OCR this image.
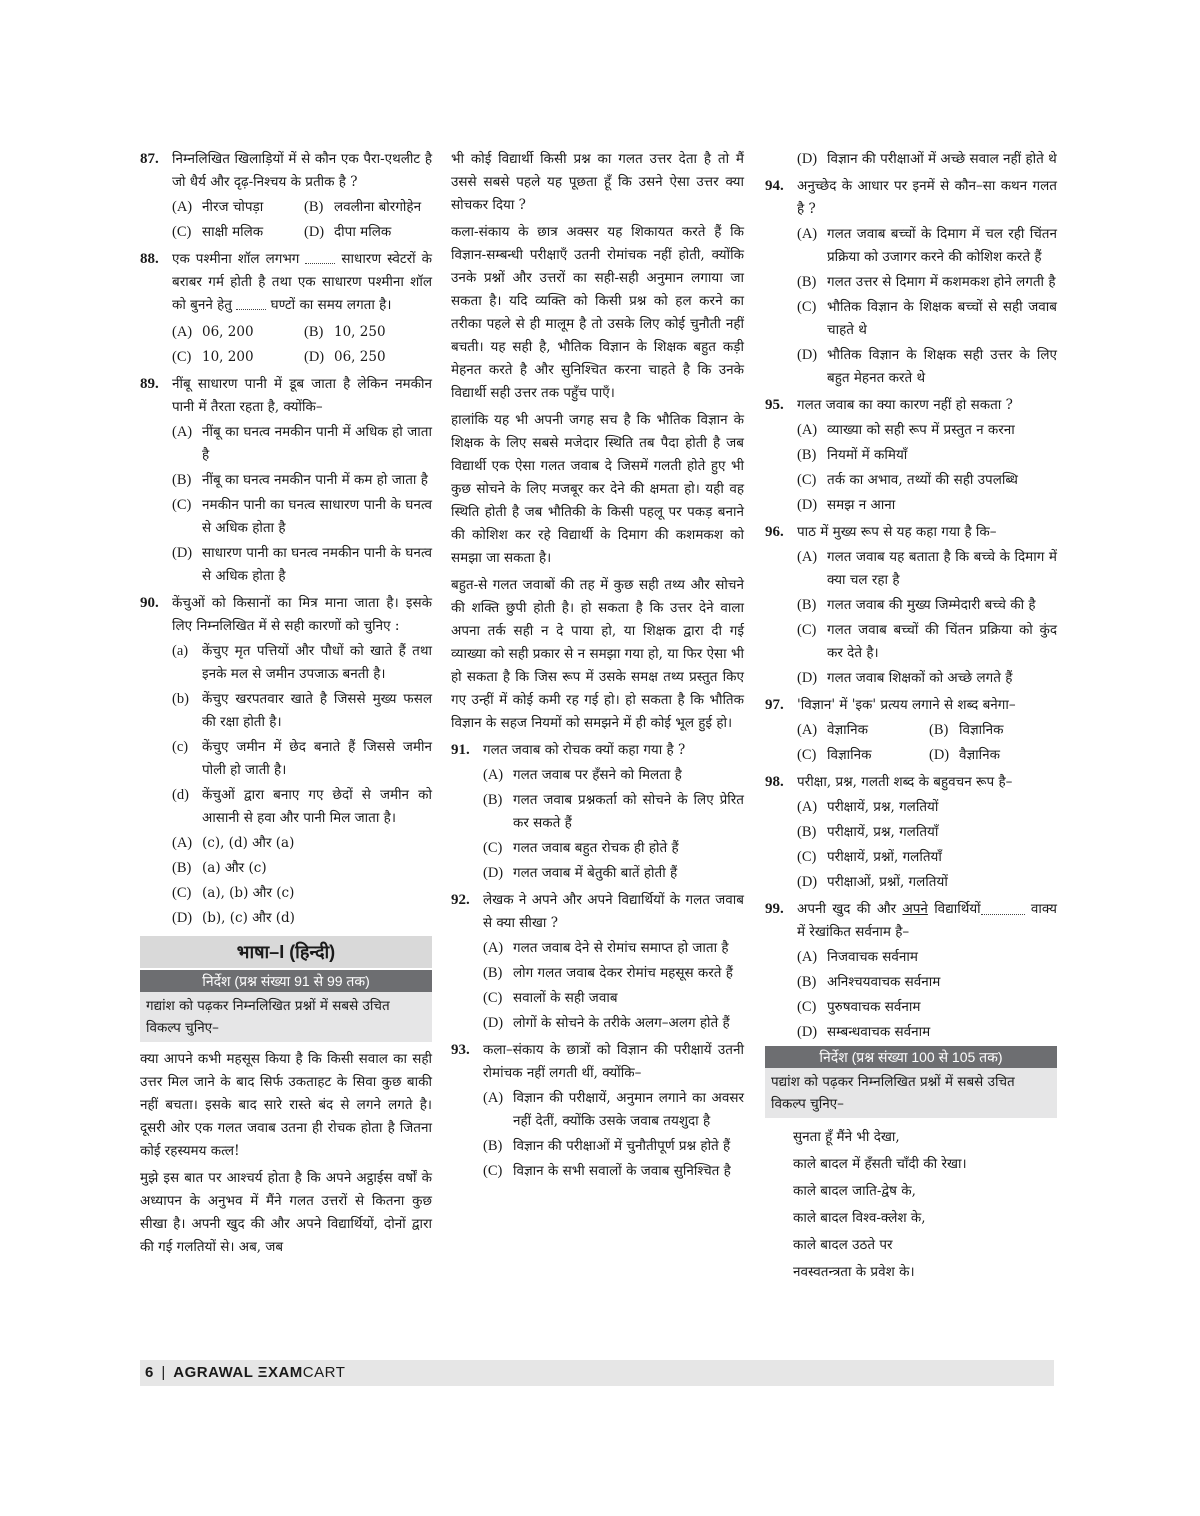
87. निम्नलिखित खिलाड़ियों में से कौन एक पैरा-एथलीट है जो धैर्य और दृढ़-निश्चय के प्रतीक है ?
(A) नीरज चोपड़ा	(B) लवलीना बोरगोहेन
(C) साक्षी मलिक	(D) दीपा मलिक
88. एक पश्मीना शॉल लगभग	साधारण स्वेटरों के बराबर गर्म होती है तथा एक साधारण पश्मीना शॉल को बुनने हेतु	घण्टों का समय लगता है।
(A) 06, 200	(B) 10, 250
(C) 10, 200	(D) 06, 250
89. नींबू साधारण पानी में डूब जाता है लेकिन नमकीन पानी में तैरता रहता है, क्योंकि–
(A) नींबू का घनत्व नमकीन पानी में अधिक हो जाता है
(B) नींबू का घनत्व नमकीन पानी में कम हो जाता है
(C) नमकीन पानी का घनत्व साधारण पानी के घनत्व से अधिक होता है
(D) साधारण पानी का घनत्व नमकीन पानी के घनत्व से अधिक होता है
90. केंचुओं को किसानों का मित्र माना जाता है। इसके लिए निम्नलिखित में से सही कारणों को चुनिए :
(a) केंचुए मृत पत्तियों और पौधों को खाते हैं तथा इनके मल से जमीन उपजाऊ बनती है।
(b) केंचुए खरपतवार खाते है जिससे मुख्य फसल की रक्षा होती है।
(c) केंचुए जमीन में छेद बनाते हैं जिससे जमीन पोली हो जाती है।
(d) केंचुओं द्वारा बनाए गए छेदों से जमीन को आसानी से हवा और पानी मिल जाता है।
(A) (c), (d) और (a)
(B) (a) और (c)
(C) (a), (b) और (c)
(D) (b), (c) और (d)
भाषा–I (हिन्दी)
निर्देश (प्रश्न संख्या 91 से 99 तक)
गद्यांश को पढ़कर निम्नलिखित प्रश्नों में सबसे उचित विकल्प चुनिए–

क्या आपने कभी महसूस किया है कि किसी सवाल का सही उत्तर मिल जाने के बाद सिर्फ उकताहट के सिवा कुछ बाकी नहीं बचता। इसके बाद सारे रास्ते बंद से लगने लगते है। दूसरी ओर एक गलत जवाब उतना ही रोचक होता है जितना कोई रहस्यमय कत्ल!

मुझे इस बात पर आश्चर्य होता है कि अपने अट्ठाईस वर्षों के अध्यापन के अनुभव में मैंने गलत उत्तरों से कितना कुछ सीखा है। अपनी खुद की और अपने विद्यार्थियों, दोनों द्वारा की गई गलतियों से। अब, जब

भी कोई विद्यार्थी किसी प्रश्न का गलत उत्तर देता है तो मैं उससे सबसे पहले यह पूछता हूँ कि उसने ऐसा उत्तर क्या सोचकर दिया ?

कला-संकाय के छात्र अक्सर यह शिकायत करते हैं कि विज्ञान-सम्बन्धी परीक्षाएँ उतनी रोमांचक नहीं होती, क्योंकि उनके प्रश्नों और उत्तरों का सही-सही अनुमान लगाया जा सकता है। यदि व्यक्ति को किसी प्रश्न को हल करने का तरीका पहले से ही मालूम है तो उसके लिए कोई चुनौती नहीं बचती। यह सही है, भौतिक विज्ञान के शिक्षक बहुत कड़ी मेहनत करते है और सुनिश्चित करना चाहते है कि उनके विद्यार्थी सही उत्तर तक पहुँच पाएँ।

हालांकि यह भी अपनी जगह सच है कि भौतिक विज्ञान के शिक्षक के लिए सबसे मजेदार स्थिति तब पैदा होती है जब विद्यार्थी एक ऐसा गलत जवाब दे जिसमें गलती होते हुए भी कुछ सोचने के लिए मजबूर कर देने की क्षमता हो। यही वह स्थिति होती है जब भौतिकी के किसी पहलू पर पकड़ बनाने की कोशिश कर रहे विद्यार्थी के दिमाग की कशमकश को समझा जा सकता है।

बहुत-से गलत जवाबों की तह में कुछ सही तथ्य और सोचने की शक्ति छुपी होती है। हो सकता है कि उत्तर देने वाला अपना तर्क सही न दे पाया हो, या शिक्षक द्वारा दी गई व्याख्या को सही प्रकार से न समझा गया हो, या फिर ऐसा भी हो सकता है कि जिस रूप में उसके समक्ष तथ्य प्रस्तुत किए गए उन्हीं में कोई कमी रह गई हो। हो सकता है कि भौतिक विज्ञान के सहज नियमों को समझने में ही कोई भूल हुई हो।

91. गलत जवाब को रोचक क्यों कहा गया है ?
(A) गलत जवाब पर हँसने को मिलता है
(B) गलत जवाब प्रश्नकर्ता को सोचने के लिए प्रेरित कर सकते हैं
(C) गलत जवाब बहुत रोचक ही होते हैं
(D) गलत जवाब में बेतुकी बातें होती हैं
92. लेखक ने अपने और अपने विद्यार्थियों के गलत जवाब से क्या सीखा ?
(A) गलत जवाब देने से रोमांच समाप्त हो जाता है
(B) लोग गलत जवाब देकर रोमांच महसूस करते हैं
(C) सवालों के सही जवाब
(D) लोगों के सोचने के तरीके अलग–अलग होते हैं
93. कला–संकाय के छात्रों को विज्ञान की परीक्षायें उतनी रोमांचक नहीं लगती थीं, क्योंकि–
(A) विज्ञान की परीक्षायें, अनुमान लगाने का अवसर नहीं देतीं, क्योंकि उसके जवाब तयशुदा है
(B) विज्ञान की परीक्षाओं में चुनौतीपूर्ण प्रश्न होते हैं
(C) विज्ञान के सभी सवालों के जवाब सुनिश्चित है
(D) विज्ञान की परीक्षाओं में अच्छे सवाल नहीं होते थे
94. अनुच्छेद के आधार पर इनमें से कौन–सा कथन गलत है ?
(A) गलत जवाब बच्चों के दिमाग में चल रही चिंतन प्रक्रिया को उजागर करने की कोशिश करते हैं
(B) गलत उत्तर से दिमाग में कशमकश होने लगती है
(C) भौतिक विज्ञान के शिक्षक बच्चों से सही जवाब चाहते थे
(D) भौतिक विज्ञान के शिक्षक सही उत्तर के लिए बहुत मेहनत करते थे
95. गलत जवाब का क्या कारण नहीं हो सकता ?
(A) व्याख्या को सही रूप में प्रस्तुत न करना
(B) नियमों में कमियाँ
(C) तर्क का अभाव, तथ्यों की सही उपलब्धि
(D) समझ न आना
96. पाठ में मुख्य रूप से यह कहा गया है कि–
(A) गलत जवाब यह बताता है कि बच्चे के दिमाग में क्या चल रहा है
(B) गलत जवाब की मुख्य जिम्मेदारी बच्चे की है
(C) गलत जवाब बच्चों की चिंतन प्रक्रिया को कुंद कर देते है।
(D) गलत जवाब शिक्षकों को अच्छे लगते हैं
97. 'विज्ञान' में 'इक' प्रत्यय लगाने से शब्द बनेगा–
(A) वेज्ञानिक	(B) विज्ञानिक
(C) विज्ञानिक	(D) वैज्ञानिक
98. परीक्षा, प्रश्न, गलती शब्द के बहुवचन रूप है–
(A) परीक्षायें, प्रश्न, गलतियों
(B) परीक्षायें, प्रश्न, गलतियाँ
(C) परीक्षायें, प्रश्नों, गलतियाँ
(D) परीक्षाओं, प्रश्नों, गलतियों
99. अपनी खुद की और अपने विद्यार्थियों	वाक्य में रेखांकित सर्वनाम है–
(A) निजवाचक सर्वनाम
(B) अनिश्चयवाचक सर्वनाम
(C) पुरुषवाचक सर्वनाम
(D) सम्बन्धवाचक सर्वनाम
निर्देश (प्रश्न संख्या 100 से 105 तक)
पद्यांश को पढ़कर निम्नलिखित प्रश्नों में सबसे उचित विकल्प चुनिए–
सुनता हूँ मैंने भी देखा,
काले बादल में हँसती चाँदी की रेखा।
काले बादल जाति-द्वेष के,
काले बादल विश्व-क्लेश के,
काले बादल उठते पर
नवस्वतन्त्रता के प्रवेश के।
6 | AGRAWAL ΞXAMCART
